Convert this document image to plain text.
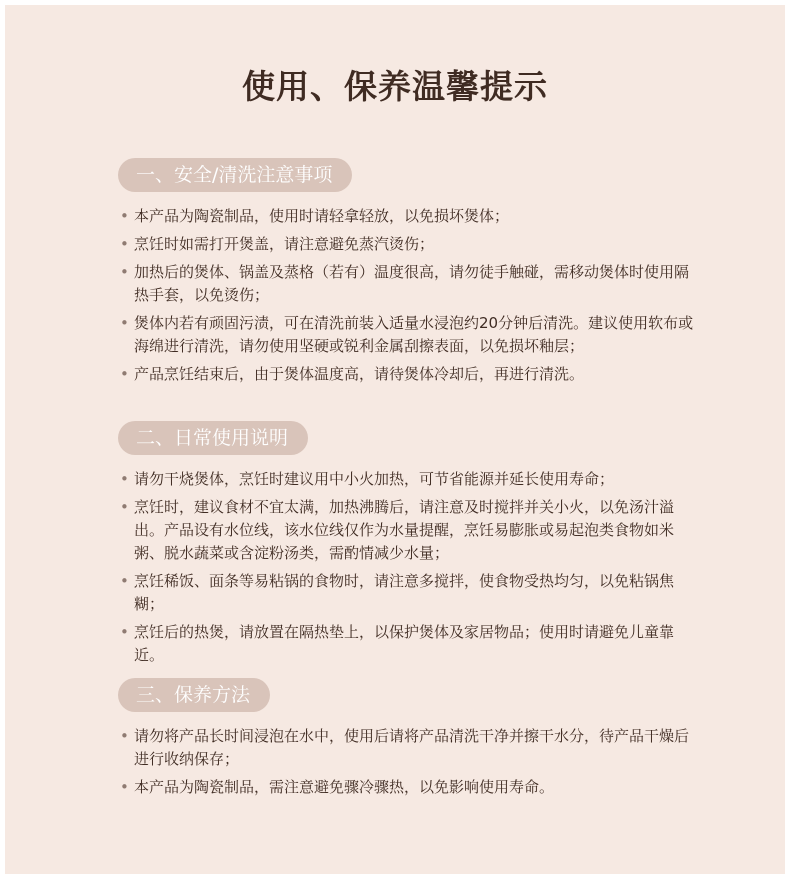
使用、保养温馨提示
一、安全/清洗注意事项
• 本产品为陶瓷制品，使用时请轻拿轻放，以免损坏煲体；
• 烹饪时如需打开煲盖，请注意避免蒸汽烫伤；
• 加热后的煲体、锅盖及蒸格（若有）温度很高，请勿徒手触碰，需移动煲体时使用隔热手套，以免烫伤；
• 煲体内若有顽固污渍，可在清洗前装入适量水浸泡约20分钟后清洗。建议使用软布或海绵进行清洗，请勿使用坚硬或锐利金属刮擦表面，以免损坏釉层；
• 产品烹饪结束后，由于煲体温度高，请待煲体冷却后，再进行清洗。
二、日常使用说明
• 请勿干烧煲体，烹饪时建议用中小火加热，可节省能源并延长使用寿命；
• 烹饪时，建议食材不宜太满，加热沸腾后，请注意及时搅拌并关小火，以免汤汁溢出。产品设有水位线，该水位线仅作为水量提醒，烹饪易膨胀或易起泡类食物如米粥、脱水蔬菜或含淀粉汤类，需酌情减少水量；
• 烹饪稀饭、面条等易粘锅的食物时，请注意多搅拌，使食物受热均匀，以免粘锅焦糊；
• 烹饪后的热煲，请放置在隔热垫上，以保护煲体及家居物品；使用时请避免儿童靠近。
三、保养方法
• 请勿将产品长时间浸泡在水中，使用后请将产品清洗干净并擦干水分，待产品干燥后进行收纳保存；
• 本产品为陶瓷制品，需注意避免骤冷骤热，以免影响使用寿命。
